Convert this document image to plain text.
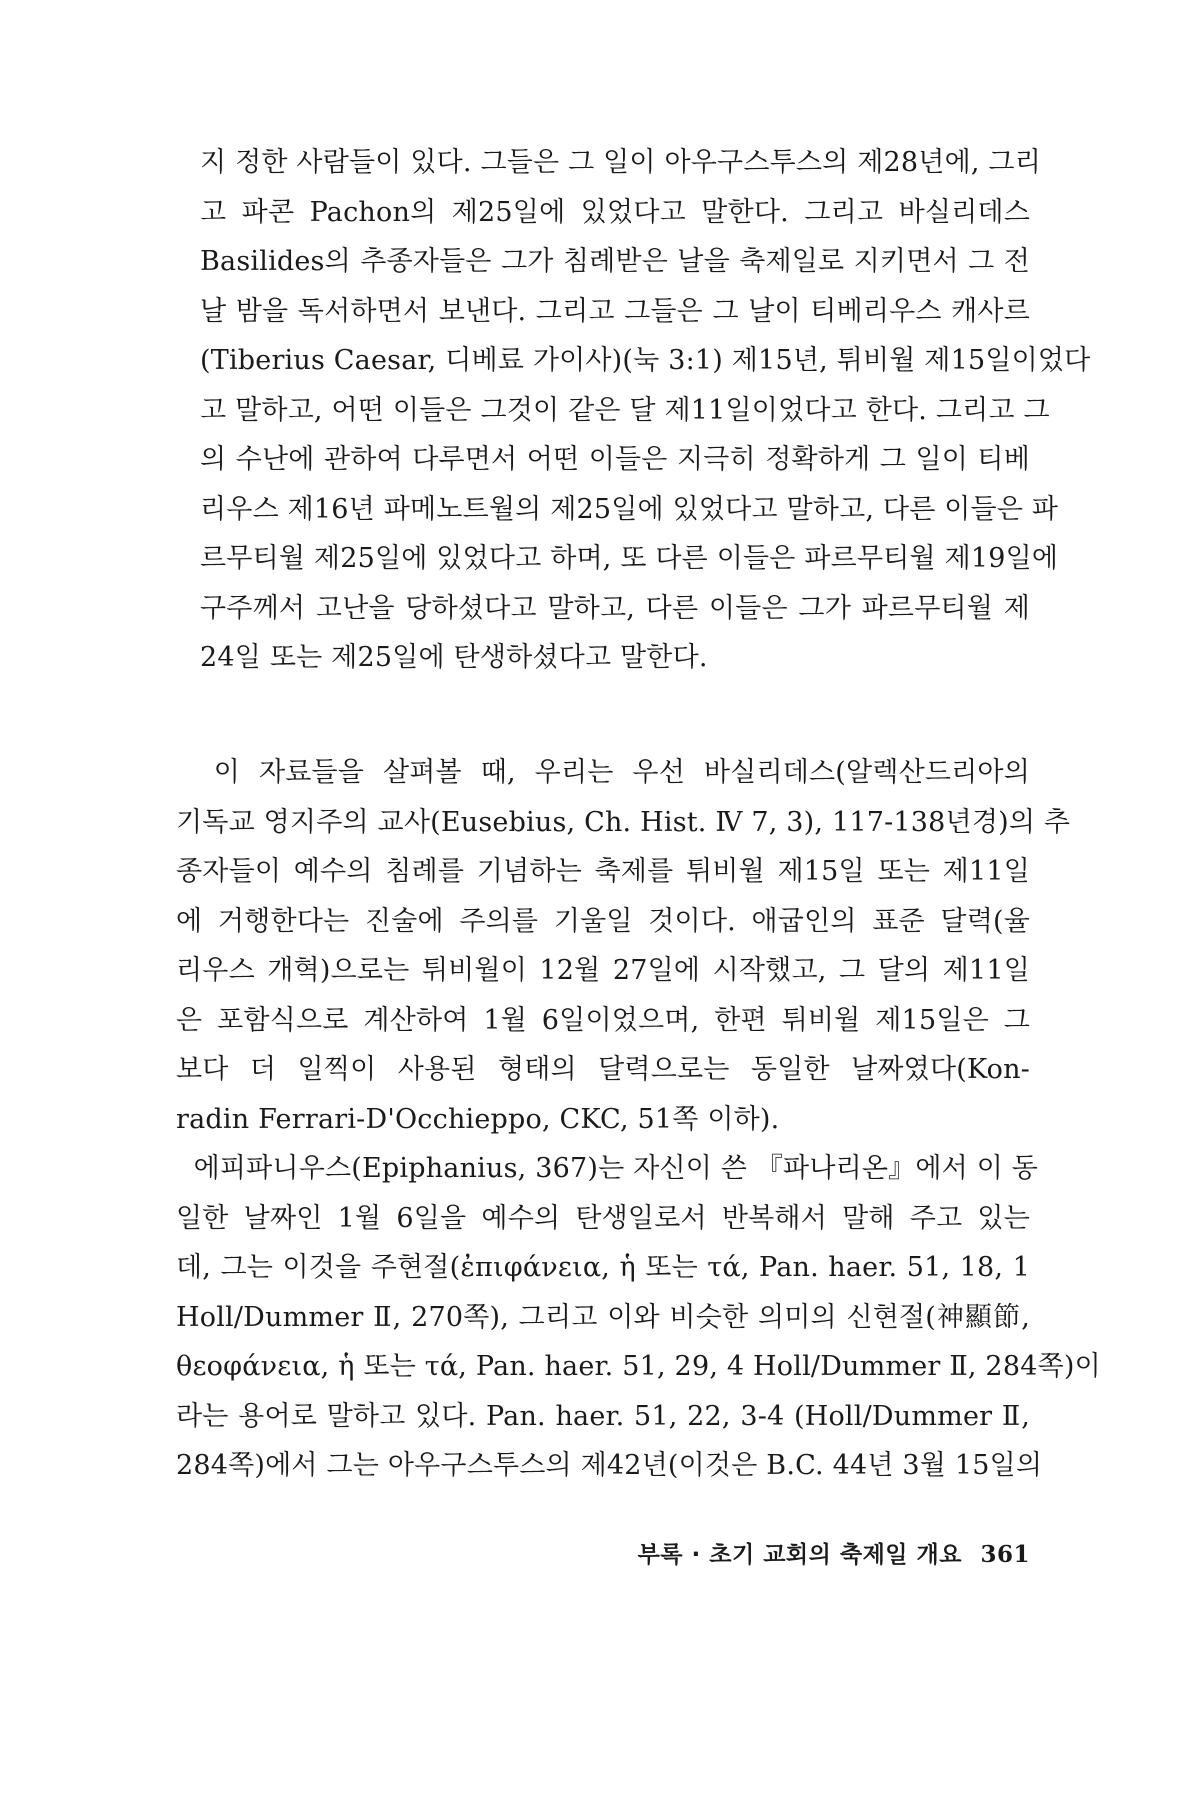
지 정한 사람들이 있다. 그들은 그 일이 아우구스투스의 제28년에, 그리
고 파콘 Pachon의 제25일에 있었다고 말한다. 그리고 바실리데스
Basilides의 추종자들은 그가 침례받은 날을 축제일로 지키면서 그 전
날 밤을 독서하면서 보낸다. 그리고 그들은 그 날이 티베리우스 캐사르
(Tiberius Caesar, 디베료 가이사)(눅 3:1) 제15년, 튀비월 제15일이었다
고 말하고, 어떤 이들은 그것이 같은 달 제11일이었다고 한다. 그리고 그
의 수난에 관하여 다루면서 어떤 이들은 지극히 정확하게 그 일이 티베
리우스 제16년 파메노트월의 제25일에 있었다고 말하고, 다른 이들은 파
르무티월 제25일에 있었다고 하며, 또 다른 이들은 파르무티월 제19일에
구주께서 고난을 당하셨다고 말하고, 다른 이들은 그가 파르무티월 제
24일 또는 제25일에 탄생하셨다고 말한다.
이 자료들을 살펴볼 때, 우리는 우선 바실리데스(알렉산드리아의
기독교 영지주의 교사(Eusebius, Ch. Hist. Ⅳ 7, 3), 117-138년경)의 추
종자들이 예수의 침례를 기념하는 축제를 튀비월 제15일 또는 제11일
에 거행한다는 진술에 주의를 기울일 것이다. 애굽인의 표준 달력(율
리우스 개혁)으로는 튀비월이 12월 27일에 시작했고, 그 달의 제11일
은 포함식으로 계산하여 1월 6일이었으며, 한편 튀비월 제15일은 그
보다 더 일찍이 사용된 형태의 달력으로는 동일한 날짜였다(Kon-
radin Ferrari-D'Occhieppo, CKC, 51쪽 이하).
에피파니우스(Epiphanius, 367)는 자신이 쓴 『파나리온』에서 이 동
일한 날짜인 1월 6일을 예수의 탄생일로서 반복해서 말해 주고 있는
데, 그는 이것을 주현절(ἐπιφάνεια, ἡ 또는 τά, Pan. haer. 51, 18, 1
Holl/Dummer Ⅱ, 270쪽), 그리고 이와 비슷한 의미의 신현절(神顯節,
θεοφάνεια, ἡ 또는 τά, Pan. haer. 51, 29, 4 Holl/Dummer Ⅱ, 284쪽)이
라는 용어로 말하고 있다. Pan. haer. 51, 22, 3-4 (Holl/Dummer Ⅱ,
284쪽)에서 그는 아우구스투스의 제42년(이것은 B.C. 44년 3월 15일의
부록 · 초기 교회의 축제일 개요 361
